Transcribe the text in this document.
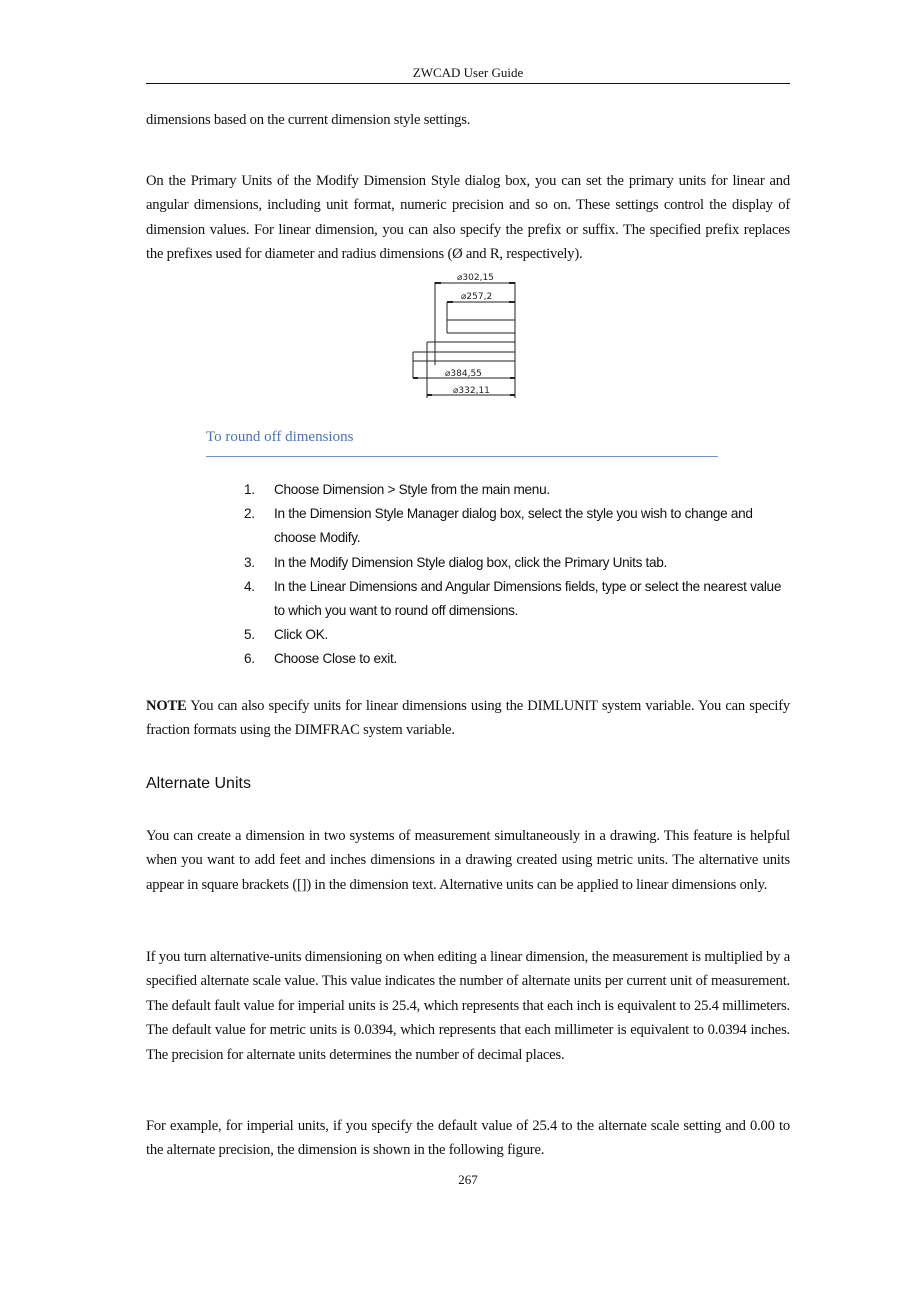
ZWCAD User Guide

dimensions based on the current dimension style settings.

On the Primary Units of the Modify Dimension Style dialog box, you can set the primary units for linear and angular dimensions, including unit format, numeric precision and so on. These settings control the display of dimension values. For linear dimension, you can also specify the prefix or suffix. The specified prefix replaces the prefixes used for diameter and radius dimensions (Ø and R, respectively).

⌀302,15
⌀257,2
⌀384,55
⌀332,11
To round off dimensions
1. Choose Dimension > Style from the main menu.
2. In the Dimension Style Manager dialog box, select the style you wish to change and choose Modify.
3. In the Modify Dimension Style dialog box, click the Primary Units tab.
4. In the Linear Dimensions and Angular Dimensions fields, type or select the nearest value to which you want to round off dimensions.
5. Click OK.
6. Choose Close to exit.

NOTE You can also specify units for linear dimensions using the DIMLUNIT system variable. You can specify fraction formats using the DIMFRAC system variable.

Alternate Units

You can create a dimension in two systems of measurement simultaneously in a drawing. This feature is helpful when you want to add feet and inches dimensions in a drawing created using metric units. The alternative units appear in square brackets ([]) in the dimension text. Alternative units can be applied to linear dimensions only.

If you turn alternative-units dimensioning on when editing a linear dimension, the measurement is multiplied by a specified alternate scale value. This value indicates the number of alternate units per current unit of measurement. The default fault value for imperial units is 25.4, which represents that each inch is equivalent to 25.4 millimeters. The default value for metric units is 0.0394, which represents that each millimeter is equivalent to 0.0394 inches. The precision for alternate units determines the number of decimal places.

For example, for imperial units, if you specify the default value of 25.4 to the alternate scale setting and 0.00 to the alternate precision, the dimension is shown in the following figure.

267
